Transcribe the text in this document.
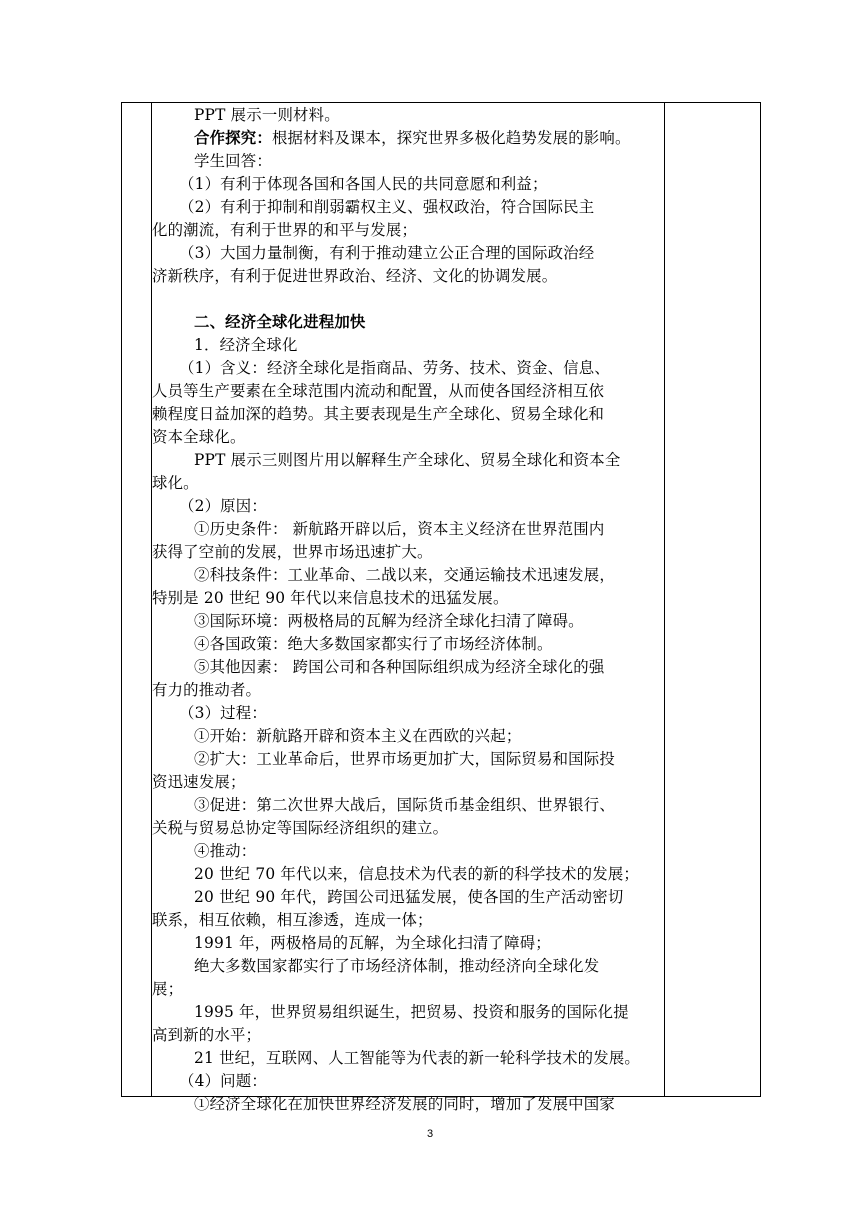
PPT 展示一则材料。
合作探究：根据材料及课本，探究世界多极化趋势发展的影响。
学生回答：
（1）有利于体现各国和各国人民的共同意愿和利益；
（2）有利于抑制和削弱霸权主义、强权政治，符合国际民主
化的潮流，有利于世界的和平与发展；
（3）大国力量制衡，有利于推动建立公正合理的国际政治经
济新秩序，有利于促进世界政治、经济、文化的协调发展。
二、经济全球化进程加快
1．经济全球化
（1）含义：经济全球化是指商品、劳务、技术、资金、信息、
人员等生产要素在全球范围内流动和配置，从而使各国经济相互依
赖程度日益加深的趋势。其主要表现是生产全球化、贸易全球化和
资本全球化。
PPT 展示三则图片用以解释生产全球化、贸易全球化和资本全
球化。
（2）原因：
①历史条件： 新航路开辟以后，资本主义经济在世界范围内
获得了空前的发展，世界市场迅速扩大。
②科技条件：工业革命、二战以来，交通运输技术迅速发展，
特别是 20 世纪 90 年代以来信息技术的迅猛发展。
③国际环境：两极格局的瓦解为经济全球化扫清了障碍。
④各国政策：绝大多数国家都实行了市场经济体制。
⑤其他因素： 跨国公司和各种国际组织成为经济全球化的强
有力的推动者。
（3）过程：
①开始：新航路开辟和资本主义在西欧的兴起；
②扩大：工业革命后，世界市场更加扩大，国际贸易和国际投
资迅速发展；
③促进：第二次世界大战后，国际货币基金组织、世界银行、
关税与贸易总协定等国际经济组织的建立。
④推动：
20 世纪 70 年代以来，信息技术为代表的新的科学技术的发展；
20 世纪 90 年代，跨国公司迅猛发展，使各国的生产活动密切
联系，相互依赖，相互渗透，连成一体；
1991 年，两极格局的瓦解，为全球化扫清了障碍；
绝大多数国家都实行了市场经济体制，推动经济向全球化发
展；
1995 年，世界贸易组织诞生，把贸易、投资和服务的国际化提
高到新的水平；
21 世纪，互联网、人工智能等为代表的新一轮科学技术的发展。
（4）问题：
①经济全球化在加快世界经济发展的同时，增加了发展中国家
3
